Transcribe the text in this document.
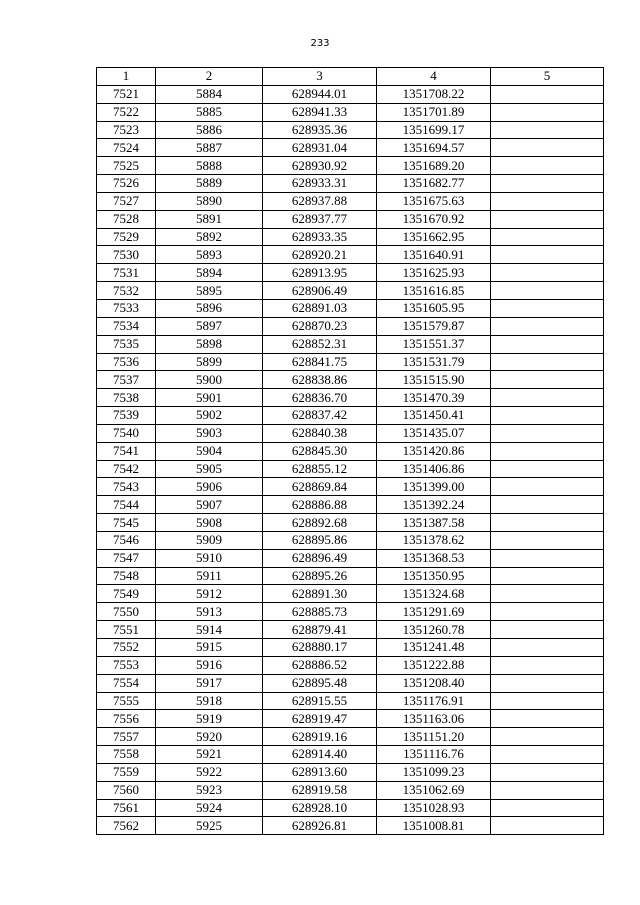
233
1	2	3	4	5
7521	5884	628944.01	1351708.22	
7522	5885	628941.33	1351701.89	
7523	5886	628935.36	1351699.17	
7524	5887	628931.04	1351694.57	
7525	5888	628930.92	1351689.20	
7526	5889	628933.31	1351682.77	
7527	5890	628937.88	1351675.63	
7528	5891	628937.77	1351670.92	
7529	5892	628933.35	1351662.95	
7530	5893	628920.21	1351640.91	
7531	5894	628913.95	1351625.93	
7532	5895	628906.49	1351616.85	
7533	5896	628891.03	1351605.95	
7534	5897	628870.23	1351579.87	
7535	5898	628852.31	1351551.37	
7536	5899	628841.75	1351531.79	
7537	5900	628838.86	1351515.90	
7538	5901	628836.70	1351470.39	
7539	5902	628837.42	1351450.41	
7540	5903	628840.38	1351435.07	
7541	5904	628845.30	1351420.86	
7542	5905	628855.12	1351406.86	
7543	5906	628869.84	1351399.00	
7544	5907	628886.88	1351392.24	
7545	5908	628892.68	1351387.58	
7546	5909	628895.86	1351378.62	
7547	5910	628896.49	1351368.53	
7548	5911	628895.26	1351350.95	
7549	5912	628891.30	1351324.68	
7550	5913	628885.73	1351291.69	
7551	5914	628879.41	1351260.78	
7552	5915	628880.17	1351241.48	
7553	5916	628886.52	1351222.88	
7554	5917	628895.48	1351208.40	
7555	5918	628915.55	1351176.91	
7556	5919	628919.47	1351163.06	
7557	5920	628919.16	1351151.20	
7558	5921	628914.40	1351116.76	
7559	5922	628913.60	1351099.23	
7560	5923	628919.58	1351062.69	
7561	5924	628928.10	1351028.93	
7562	5925	628926.81	1351008.81	
